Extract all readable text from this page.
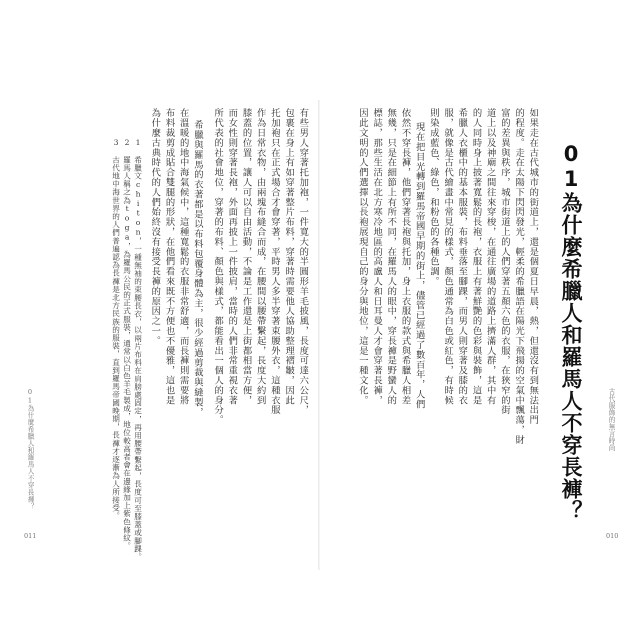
01為什麼希臘人和羅馬人不穿長褲？
如果走在古代城市的街道上，還是個夏日早晨，熱，但還沒有到無法出門
的程度。走在太陽下閃閃發光，輕柔的希臘語在陽光下飛揚的空氣中飄蕩，財
富的差異與秩序，城市街道上的人們穿著五顏六色的衣服，在狹窄的街
道上以及神廟之間往來穿梭，在通往廣場的道路上擠滿人群，其中有
的人同時身上披著寬鬆的長袍，衣服上有著鮮艷的色彩與裝飾，這是
希臘人衣櫃中的基本服裝，布料垂落至腳踝，而男人則穿著及膝的衣
服，就像是古代繪畫中常見的樣式，顏色通常為白色或紅色，有時候
則染成藍色、綠色，和粉色的各種色調。
現在把目光轉到羅馬帝國早期的街上，儘管已經過了數百年，人們
依然不穿長褲，他們穿著長袍與托加，身上衣服的款式與希臘人相差
無幾，只是在細節上有所不同，在羅馬人的眼中，穿長褲是野蠻人的
標誌，那些生活在北方寒冷地區的高盧人和日耳曼人才會穿著長褲，
因此文明的人們選擇以長袍展現自己的身分與地位，這是一種文化。
有些男人穿著托加袍，一件寬大的半圓形羊毛披風，長度可達六公尺，
包裹在身上有如穿著整片布料，穿著時需要他人協助整理褶皺，因此
托加袍只在正式場合才會穿著，平時男人多半穿著束腰外衣，這種衣服
作為日常衣物，由兩塊布縫合而成，在腰間以腰帶繫起，長度大約到
膝蓋的位置，讓人可以自由活動，不論是工作還是上街都相當方便，
而女性則穿著長袍，外面再披上一件披肩，當時的人們非常重視衣著
所代表的社會地位，穿著的布料、顏色與樣式，都能看出一個人的身分。
希臘與羅馬的衣著都是以布料包覆身體為主，很少經過剪裁與縫製，
在溫暖的地中海氣候中，這種寬鬆的衣服非常舒適，而長褲則需要將
布料裁剪成貼合雙腿的形狀，在他們看來既不方便也不優雅，這也是
為什麼古典時代的人們始終沒有接受長褲的原因之一。
1　希臘文chiton，一種無袖的束腰長衣，以兩片布料在肩膀處固定，再用腰帶繫起，長度可至膝蓋或腳踝。
2　羅馬人稱之為toga，為羅馬公民的正式服裝，通常以白色羊毛製成，地位較高者會在邊緣加上紫色條紋。
3　古代地中海世界的人們普遍認為長褲是北方民族的服裝，直到羅馬帝國晚期，長褲才逐漸為人所接受。
01為什麼希臘人和羅馬人不穿長褲？	古代服飾的無言時尚
011	010
